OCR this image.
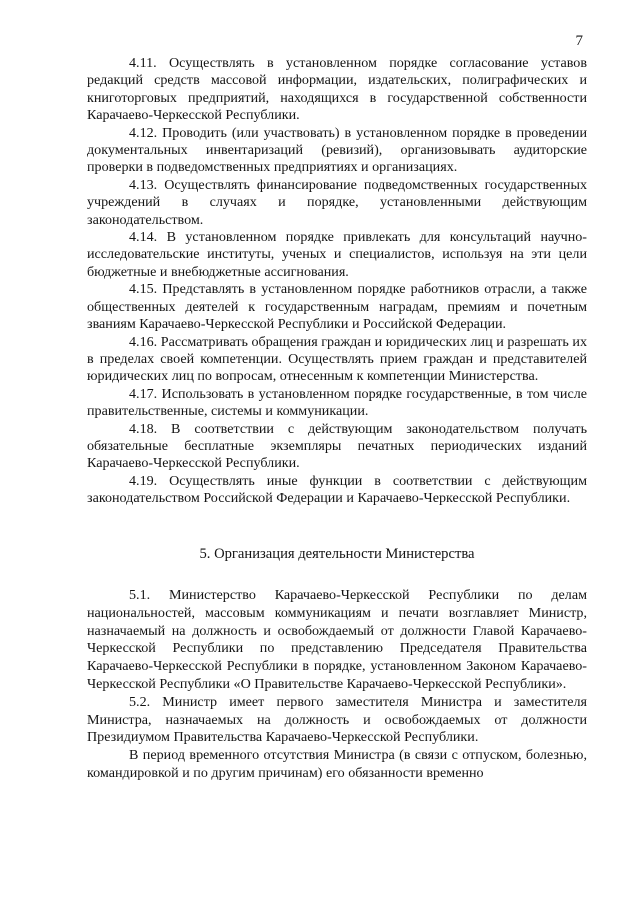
7

4.11. Осуществлять в установленном порядке согласование уставов редакций средств массовой информации, издательских, полиграфических и книготорговых предприятий, находящихся в государственной собственности Карачаево-Черкесской Республики.

4.12. Проводить (или участвовать) в установленном порядке в проведении документальных инвентаризаций (ревизий), организовывать аудиторские проверки в подведомственных предприятиях и организациях.

4.13. Осуществлять финансирование подведомственных государственных учреждений в случаях и порядке, установленными действующим законодательством.

4.14. В установленном порядке привлекать для консультаций научно-исследовательские институты, ученых и специалистов, используя на эти цели бюджетные и внебюджетные ассигнования.

4.15. Представлять в установленном порядке работников отрасли, а также общественных деятелей к государственным наградам, премиям и почетным званиям Карачаево-Черкесской Республики и Российской Федерации.

4.16. Рассматривать обращения граждан и юридических лиц и разрешать их в пределах своей компетенции. Осуществлять прием граждан и представителей юридических лиц по вопросам, отнесенным к компетенции Министерства.

4.17. Использовать в установленном порядке государственные, в том числе правительственные, системы и коммуникации.

4.18. В соответствии с действующим законодательством получать обязательные бесплатные экземпляры печатных периодических изданий Карачаево-Черкесской Республики.

4.19. Осуществлять иные функции в соответствии с действующим законодательством Российской Федерации и Карачаево-Черкесской Республики.

5. Организация деятельности Министерства

5.1. Министерство Карачаево-Черкесской Республики по делам национальностей, массовым коммуникациям и печати возглавляет Министр, назначаемый на должность и освобождаемый от должности Главой Карачаево-Черкесской Республики по представлению Председателя Правительства Карачаево-Черкесской Республики в порядке, установленном Законом Карачаево-Черкесской Республики «О Правительстве Карачаево-Черкесской Республики».

5.2. Министр имеет первого заместителя Министра и заместителя Министра, назначаемых на должность и освобождаемых от должности Президиумом Правительства Карачаево-Черкесской Республики.

В период временного отсутствия Министра (в связи с отпуском, болезнью, командировкой и по другим причинам) его обязанности временно
